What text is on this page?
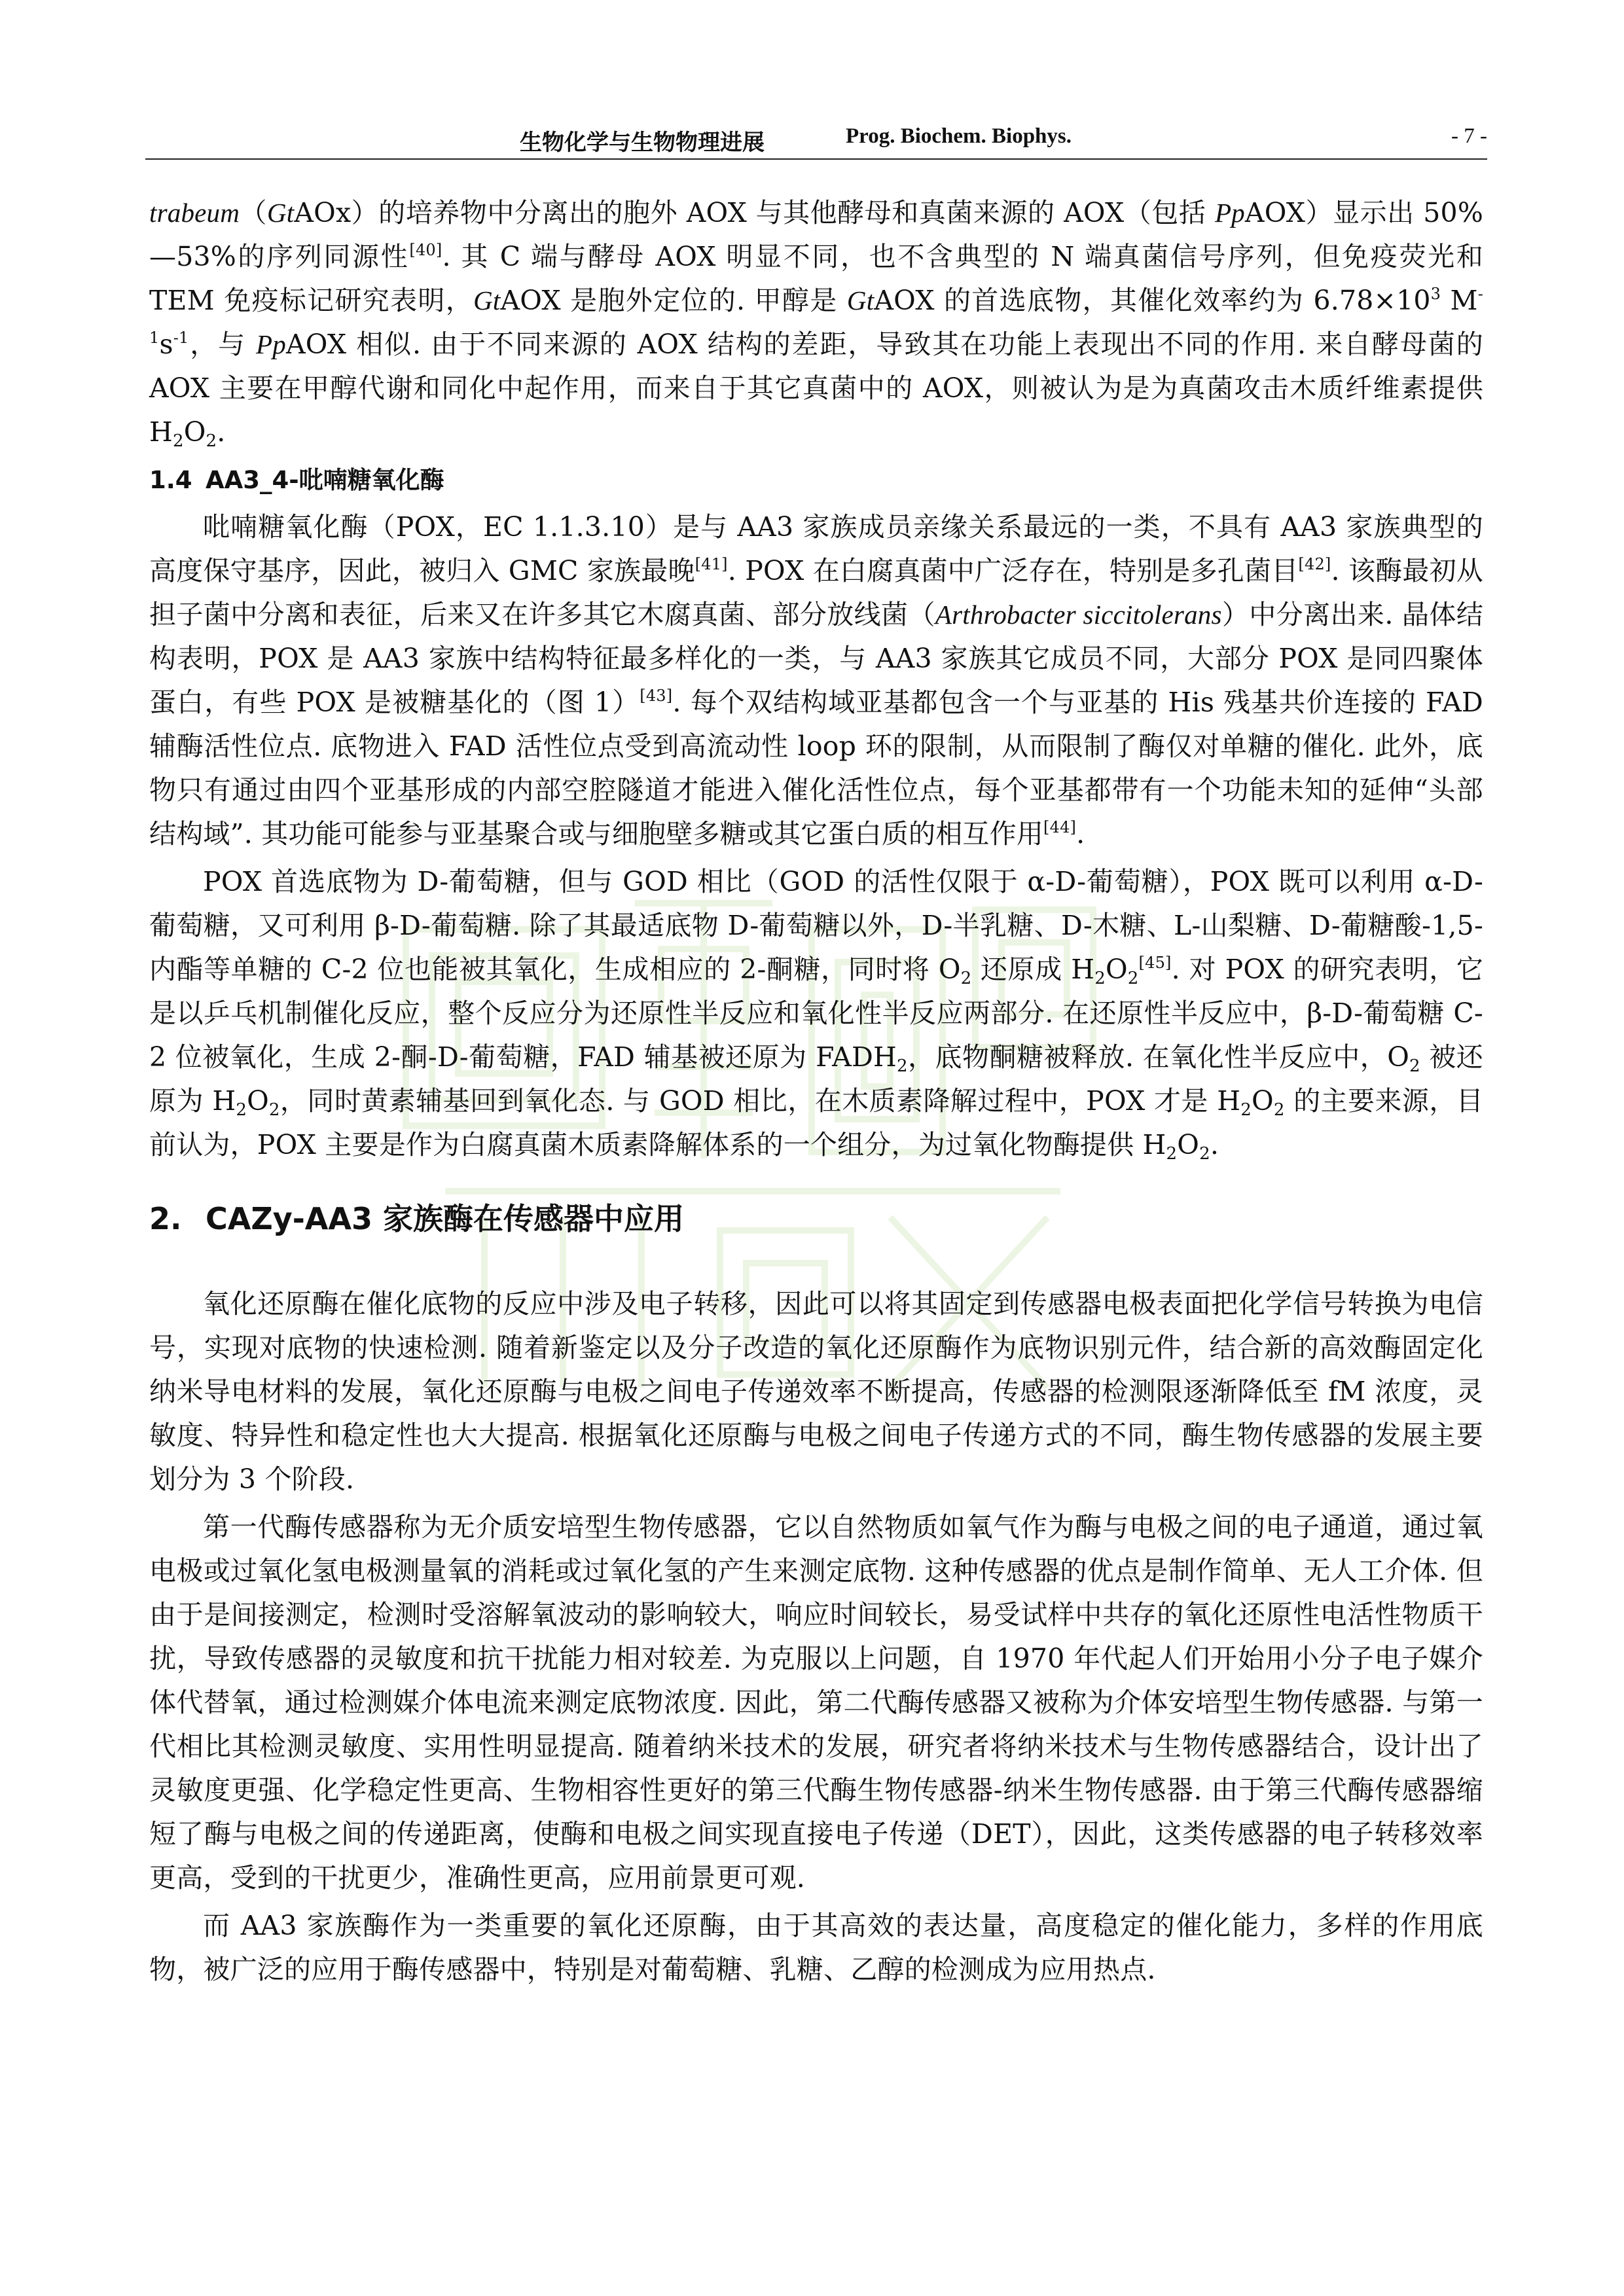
生物化学与生物物理进展	Prog. Biochem. Biophys.	- 7 -

trabeum（GtAOx）的培养物中分离出的胞外 AOX 与其他酵母和真菌来源的 AOX（包括 PpAOX）显示出 50%—53%的序列同源性[40]. 其 C 端与酵母 AOX 明显不同，也不含典型的 N 端真菌信号序列，但免疫荧光和 TEM 免疫标记研究表明，GtAOX 是胞外定位的. 甲醇是 GtAOX 的首选底物，其催化效率约为 $6.78\times 10^3$ $M^{-1}s^{-1}$，与 PpAOX 相似. 由于不同来源的 AOX 结构的差距，导致其在功能上表现出不同的作用. 来自酵母菌的 AOX 主要在甲醇代谢和同化中起作用，而来自于其它真菌中的 AOX，则被认为是为真菌攻击木质纤维素提供 $H_2O_2$.

1.4 AA3_4-吡喃糖氧化酶

吡喃糖氧化酶（POX，EC 1.1.3.10）是与 AA3 家族成员亲缘关系最远的一类，不具有 AA3 家族典型的高度保守基序，因此，被归入 GMC 家族最晚[41]. POX 在白腐真菌中广泛存在，特别是多孔菌目[42]. 该酶最初从担子菌中分离和表征，后来又在许多其它木腐真菌、部分放线菌（Arthrobacter siccitolerans）中分离出来. 晶体结构表明，POX 是 AA3 家族中结构特征最多样化的一类，与 AA3 家族其它成员不同，大部分 POX 是同四聚体蛋白，有些 POX 是被糖基化的（图 1）[43]. 每个双结构域亚基都包含一个与亚基的 His 残基共价连接的 FAD 辅酶活性位点. 底物进入 FAD 活性位点受到高流动性 loop 环的限制，从而限制了酶仅对单糖的催化. 此外，底物只有通过由四个亚基形成的内部空腔隧道才能进入催化活性位点，每个亚基都带有一个功能未知的延伸“头部结构域”. 其功能可能参与亚基聚合或与细胞壁多糖或其它蛋白质的相互作用[44].

POX 首选底物为 D-葡萄糖，但与 GOD 相比（GOD 的活性仅限于 α-D-葡萄糖），POX 既可以利用 α-D-葡萄糖，又可利用 β-D-葡萄糖. 除了其最适底物 D-葡萄糖以外，D-半乳糖、D-木糖、L-山梨糖、D-葡糖酸-1,5-内酯等单糖的 C-2 位也能被其氧化，生成相应的 2-酮糖，同时将 $O_2$ 还原成 $H_2O_2[45]$. 对 POX 的研究表明，它是以乒乓机制催化反应，整个反应分为还原性半反应和氧化性半反应两部分. 在还原性半反应中，β-D-葡萄糖 C-2 位被氧化，生成 2-酮-D-葡萄糖，FAD 辅基被还原为 $FADH_2$，底物酮糖被释放. 在氧化性半反应中，$O_2$ 被还原为 $H_2O_2$，同时黄素辅基回到氧化态. 与 GOD 相比，在木质素降解过程中，POX 才是 $H_2O_2$ 的主要来源，目前认为，POX 主要是作为白腐真菌木质素降解体系的一个组分，为过氧化物酶提供 $H_2O_2$.

2. CAZy-AA3 家族酶在传感器中应用

氧化还原酶在催化底物的反应中涉及电子转移，因此可以将其固定到传感器电极表面把化学信号转换为电信号，实现对底物的快速检测. 随着新鉴定以及分子改造的氧化还原酶作为底物识别元件，结合新的高效酶固定化纳米导电材料的发展，氧化还原酶与电极之间电子传递效率不断提高，传感器的检测限逐渐降低至 fM 浓度，灵敏度、特异性和稳定性也大大提高. 根据氧化还原酶与电极之间电子传递方式的不同，酶生物传感器的发展主要划分为 3 个阶段.

第一代酶传感器称为无介质安培型生物传感器，它以自然物质如氧气作为酶与电极之间的电子通道，通过氧电极或过氧化氢电极测量氧的消耗或过氧化氢的产生来测定底物. 这种传感器的优点是制作简单、无人工介体. 但由于是间接测定，检测时受溶解氧波动的影响较大，响应时间较长，易受试样中共存的氧化还原性电活性物质干扰，导致传感器的灵敏度和抗干扰能力相对较差. 为克服以上问题，自 1970 年代起人们开始用小分子电子媒介体代替氧，通过检测媒介体电流来测定底物浓度. 因此，第二代酶传感器又被称为介体安培型生物传感器. 与第一代相比其检测灵敏度、实用性明显提高. 随着纳米技术的发展，研究者将纳米技术与生物传感器结合，设计出了灵敏度更强、化学稳定性更高、生物相容性更好的第三代酶生物传感器-纳米生物传感器. 由于第三代酶传感器缩短了酶与电极之间的传递距离，使酶和电极之间实现直接电子传递（DET），因此，这类传感器的电子转移效率更高，受到的干扰更少，准确性更高，应用前景更可观.

而 AA3 家族酶作为一类重要的氧化还原酶，由于其高效的表达量，高度稳定的催化能力，多样的作用底物，被广泛的应用于酶传感器中，特别是对葡萄糖、乳糖、乙醇的检测成为应用热点.
